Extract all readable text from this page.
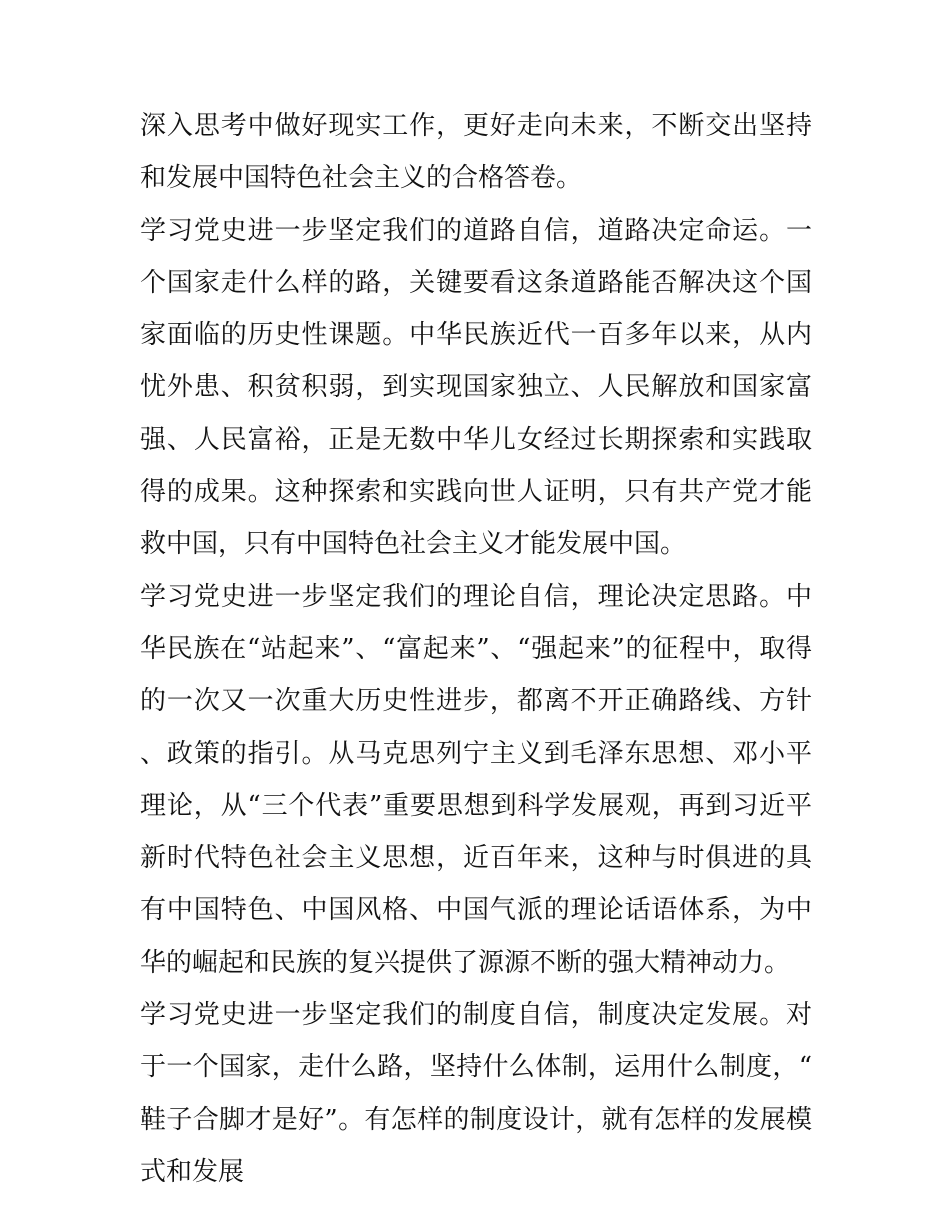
深入思考中做好现实工作，更好走向未来，不断交出坚持和发展中国特色社会主义的合格答卷。

学习党史进一步坚定我们的道路自信，道路决定命运。一个国家走什么样的路，关键要看这条道路能否解决这个国家面临的历史性课题。中华民族近代一百多年以来，从内忧外患、积贫积弱，到实现国家独立、人民解放和国家富强、人民富裕，正是无数中华儿女经过长期探索和实践取得的成果。这种探索和实践向世人证明，只有共产党才能救中国，只有中国特色社会主义才能发展中国。

学习党史进一步坚定我们的理论自信，理论决定思路。中华民族在“站起来”、“富起来”、“强起来”的征程中，取得的一次又一次重大历史性进步，都离不开正确路线、方针、政策的指引。从马克思列宁主义到毛泽东思想、邓小平理论，从“三个代表”重要思想到科学发展观，再到习近平新时代特色社会主义思想，近百年来，这种与时俱进的具有中国特色、中国风格、中国气派的理论话语体系，为中华的崛起和民族的复兴提供了源源不断的强大精神动力。

学习党史进一步坚定我们的制度自信，制度决定发展。对于一个国家，走什么路，坚持什么体制，运用什么制度，“鞋子合脚才是好”。有怎样的制度设计，就有怎样的发展模式和发展
